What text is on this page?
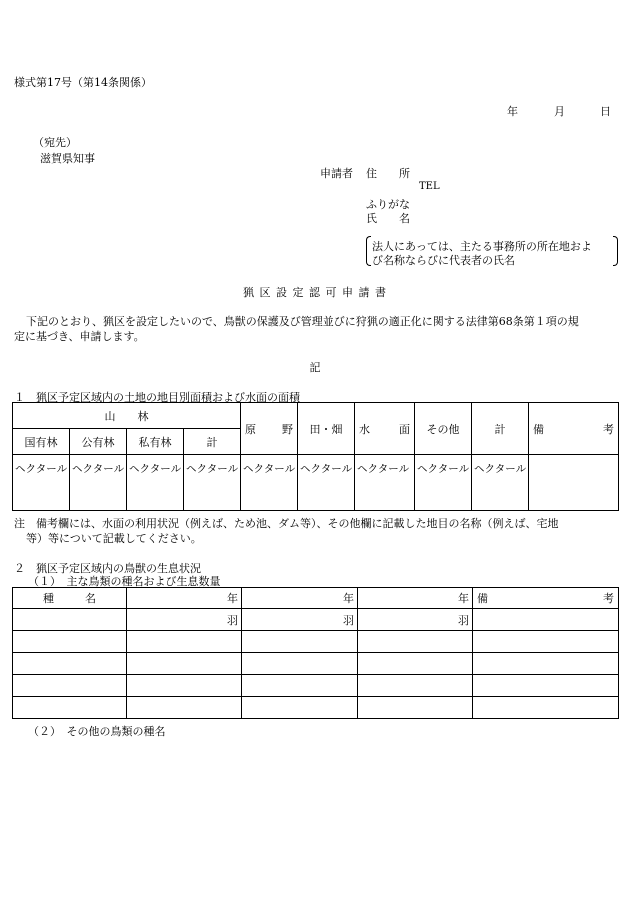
様式第17号（第14条関係）
年	月	日
（宛先）
滋賀県知事
申請者 住　　所
TEL
ふりがな
氏　　名
法人にあっては、主たる事務所の所在地およ
び名称ならびに代表者の氏名
猟 区 設 定 認 可 申 請 書
下記のとおり、猟区を設定したいので、鳥獣の保護及び管理並びに狩猟の適正化に関する法律第68条第１項の規
定に基づき、申請します。
記
１　猟区予定区域内の土地の地目別面積および水面の面積
山　　林				原 野	田・畑	水 面	その他	計	備 考

国有林	公有林	私有林	計						
ヘクタール	ヘクタール	ヘクタール	ヘクタール	ヘクタール	ヘクタール	ヘクタール	ヘクタール	ヘクタール	
注　備考欄には、水面の利用状況（例えば、ため池、ダム等）、その他欄に記載した地目の名称（例えば、宅地
等）等について記載してください。
２　猟区予定区域内の鳥獣の生息状況
（１）　主な鳥類の種名および生息数量
種 名	年	年	年	備 考

	羽	羽	羽	

（２）　その他の鳥類の種名
